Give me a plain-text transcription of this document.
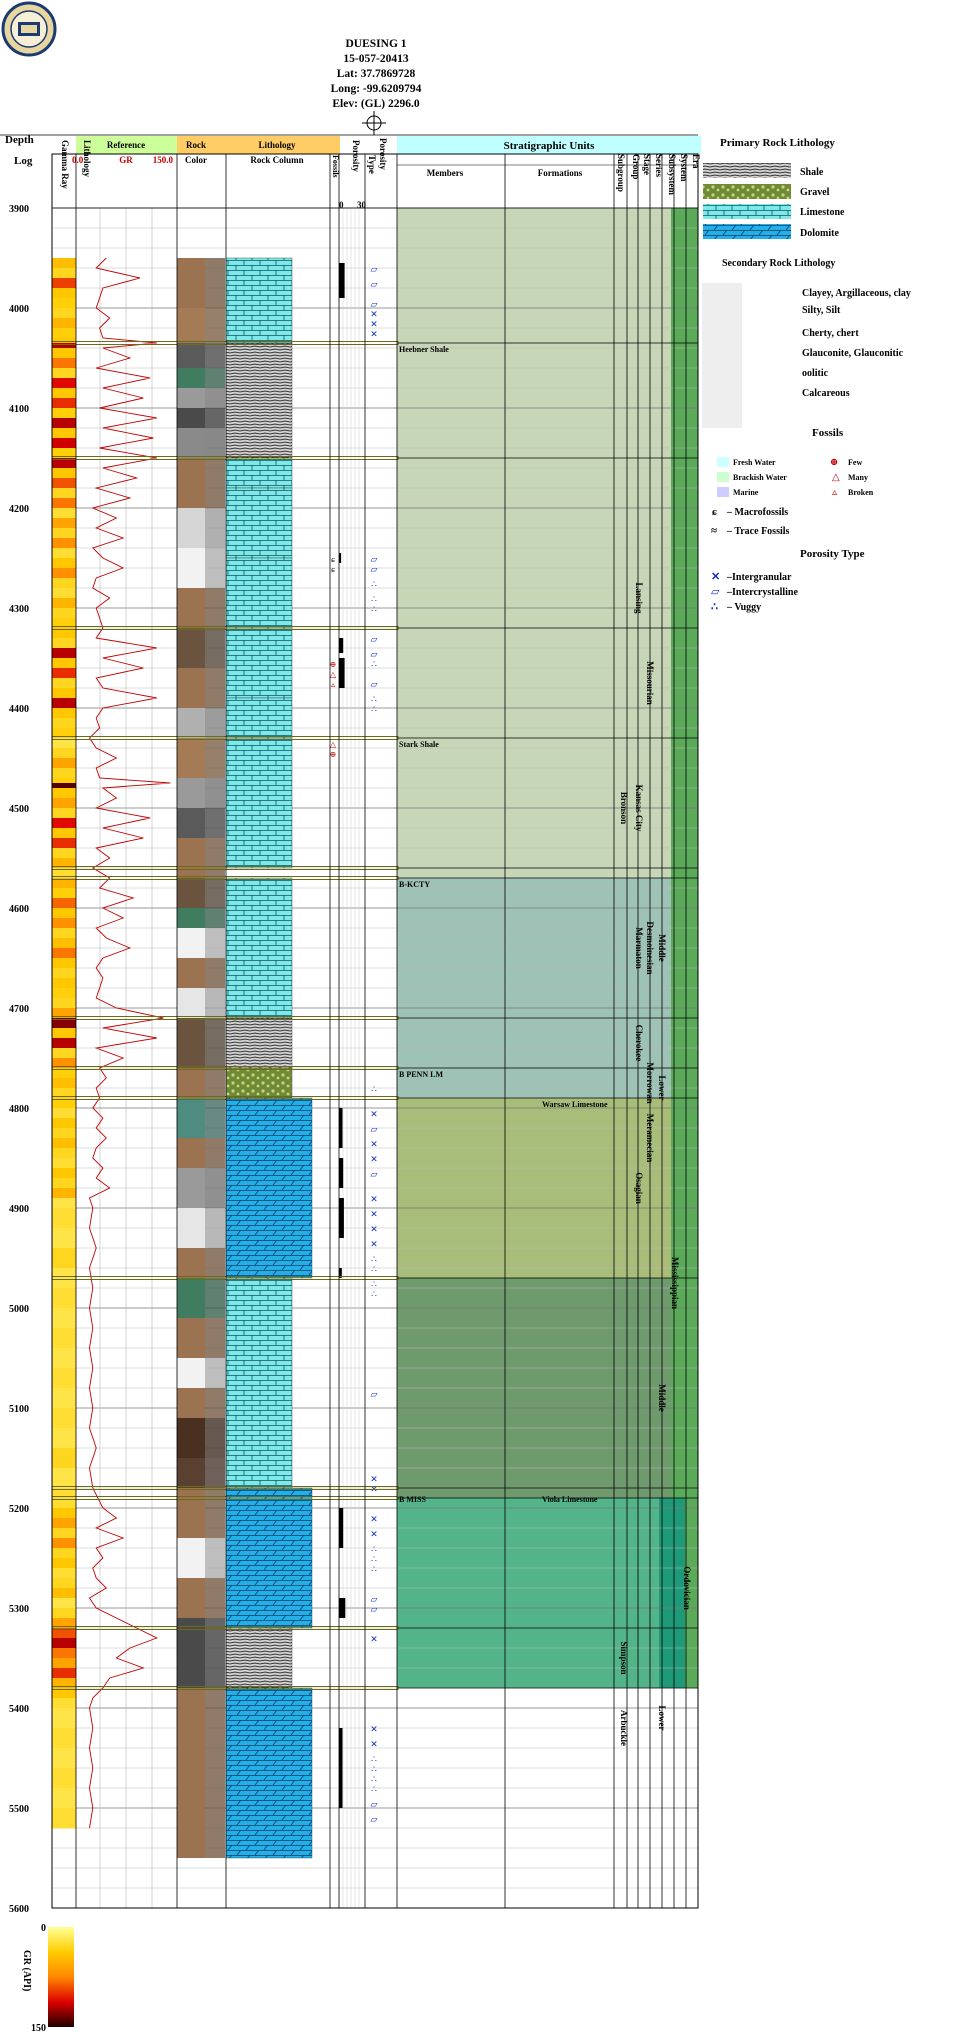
DUESING 1
15-057-20413
Lat: 37.7869728
Long: -99.6209794
Elev: (GL) 2296.0
Depth
Log
Reference
0.0	GR 150.0
Rock
Color
Lithology
Rock Column
Stratigraphic Units
Members	Formations
0 30
Gamma Ray Lithology	Fossils Porosity Porosity
Type	Subgroup Group Stage Series Subsystem System Era
▱
▱
▱
✕
✕
✕
▱
▱
∴
∴
∴
▱
▱
∴
▱
∴
∴
∴
✕
▱
✕
✕
▱
✕
✕
✕
✕
∴
∴
∴
∴
▱
✕
✕
✕
✕
∴
∴
∴
▱
▱
✕
✕
✕
∴
∴
∴
∴
▱
▱
ɕ
ɕ
⊕
△
▵
△
⊕
Heebner Shale
Stark Shale
B-KCTY
B PENN LM
B MISS
Warsaw Limestone
Viola Limestone
Bronson
Lansing
Kansas City
Marmaton
Cherokee
Osagian
Simpson
Arbuckle
Missourian
Desmoinesian
Morrowan
Meramecian
Middle
Lower
Middle
Lower
Mississippian
Ordovician
3900
4000
4100
4200
4300
4400
4500
4600
4700
4800
4900
5000
5100
5200
5300
5400
5500
5600
Primary Rock Lithology
Shale
Gravel
Limestone
Dolomite
Secondary Rock Lithology
Clayey, Argillaceous, clay
Silty, Silt
Cherty, chert
Glauconite, Glauconitic
oolitic
Calcareous
Fossils
Fresh Water
Brackish Water
Marine
⊕ Few
△ Many
▵ Broken
ɕ – Macrofossils
≈ – Trace Fossils
Porosity Type
✕ –Intergranular
▱ –Intercrystalline
∴ – Vuggy
0
GR (API)
150
